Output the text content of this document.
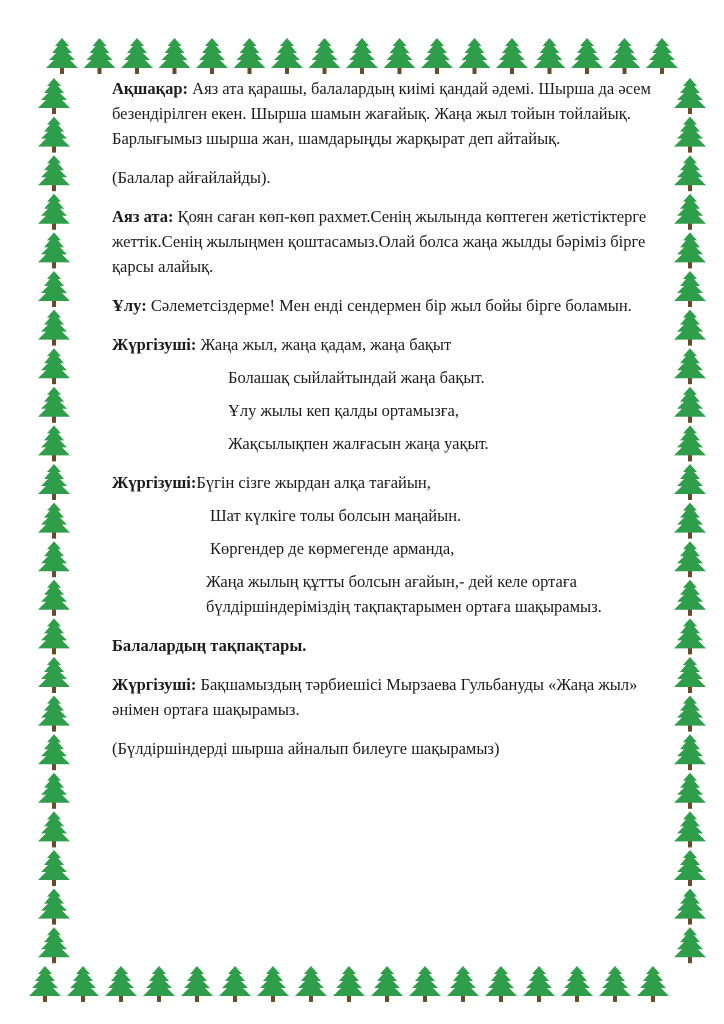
Ақшақар: Аяз ата қарашы, балалардың киімі қандай әдемі. Шырша да әсем безендірілген екен. Шырша шамын жағайық. Жаңа жыл тойын тойлайық. Барлығымыз шырша жан, шамдарыңды жарқырат деп айтайық.

(Балалар айғайлайды).

Аяз ата: Қоян саған көп-көп рахмет.Сенің жылында көптеген жетістіктерге жеттік.Сенің жылыңмен қоштасамыз.Олай болса жаңа жылды бәріміз бірге қарсы алайық.

Ұлу: Сәлеметсіздерме! Мен енді сендермен бір жыл бойы бірге боламын.

Жүргізуші: Жаңа жыл, жаңа қадам, жаңа бақыт

Болашақ сыйлайтындай жаңа бақыт.

Ұлу жылы кеп қалды ортамызға,

Жақсылықпен жалғасын жаңа уақыт.

Жүргізуші:Бүгін сізге жырдан алқа тағайын,

Шат күлкіге толы болсын маңайын.

Көргендер де көрмегенде арманда,

Жаңа жылың құтты болсын ағайын,- дей келе ортаға бүлдіршіндеріміздің тақпақтарымен ортаға шақырамыз.

Балалардың тақпақтары.

Жүргізуші: Бақшамыздың тәрбиешісі Мырзаева Гульбануды «Жаңа жыл» әнімен ортаға шақырамыз.

(Бүлдіршіндерді шырша айналып билеуге шақырамыз)
